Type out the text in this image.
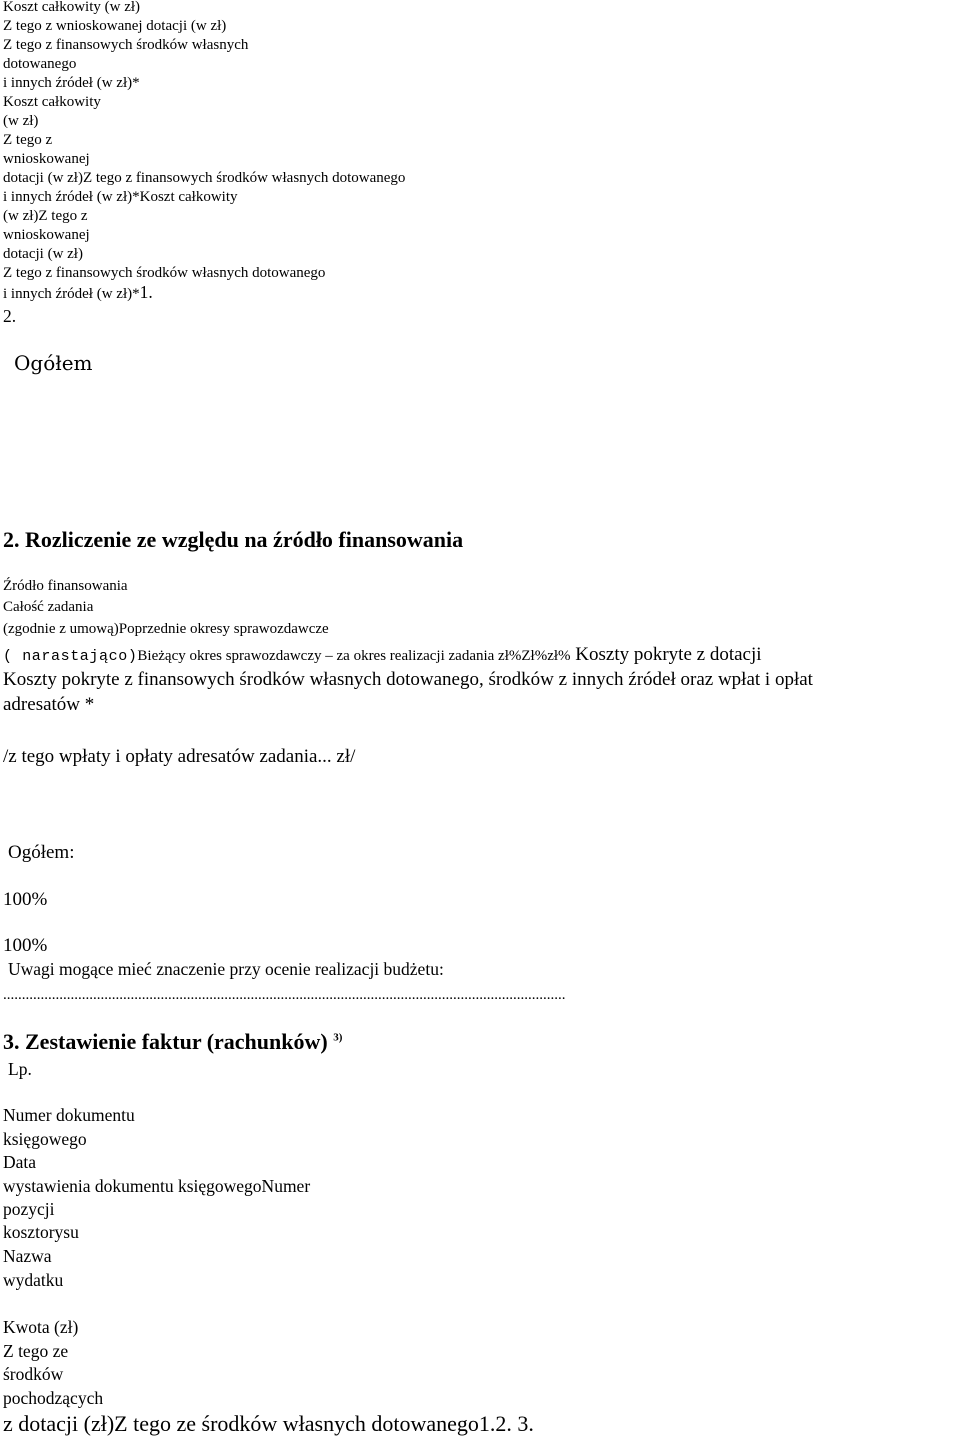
Koszt całkowity (w zł)
Z tego z wnioskowanej dotacji (w zł)
Z tego z finansowych środków własnych
dotowanego
i innych źródeł (w zł)*
Koszt całkowity
(w zł)
Z tego z
wnioskowanej
dotacji (w zł)Z tego z finansowych środków własnych dotowanego
i innych źródeł (w zł)*Koszt całkowity
(w zł)Z tego z
wnioskowanej
dotacji (w zł)
Z tego z finansowych środków własnych dotowanego
i innych źródeł (w zł)*1.
2.
Ogółem
2. Rozliczenie ze względu na źródło finansowania
Źródło finansowania
Całość zadania
(zgodnie z umową)Poprzednie okresy sprawozdawcze
( narastająco)Bieżący okres sprawozdawczy – za okres realizacji zadania zł%Zł%zł% Koszty pokryte z dotacji
Koszty pokryte z finansowych środków własnych dotowanego, środków z innych źródeł oraz wpłat i opłat
adresatów *
/z tego wpłaty i opłaty adresatów zadania... zł/
Ogółem:
100%
100%
Uwagi mogące mieć znaczenie przy ocenie realizacji budżetu:
......................................................................................................................................................
3. Zestawienie faktur (rachunków) $^{3)}$
Lp.
Numer dokumentu
księgowego
Data
wystawienia dokumentu księgowegoNumer
pozycji
kosztorysu
Nazwa
wydatku
Kwota (zł)
Z tego ze
środków
pochodzących
z dotacji (zł)Z tego ze środków własnych dotowanego1.2. 3.
